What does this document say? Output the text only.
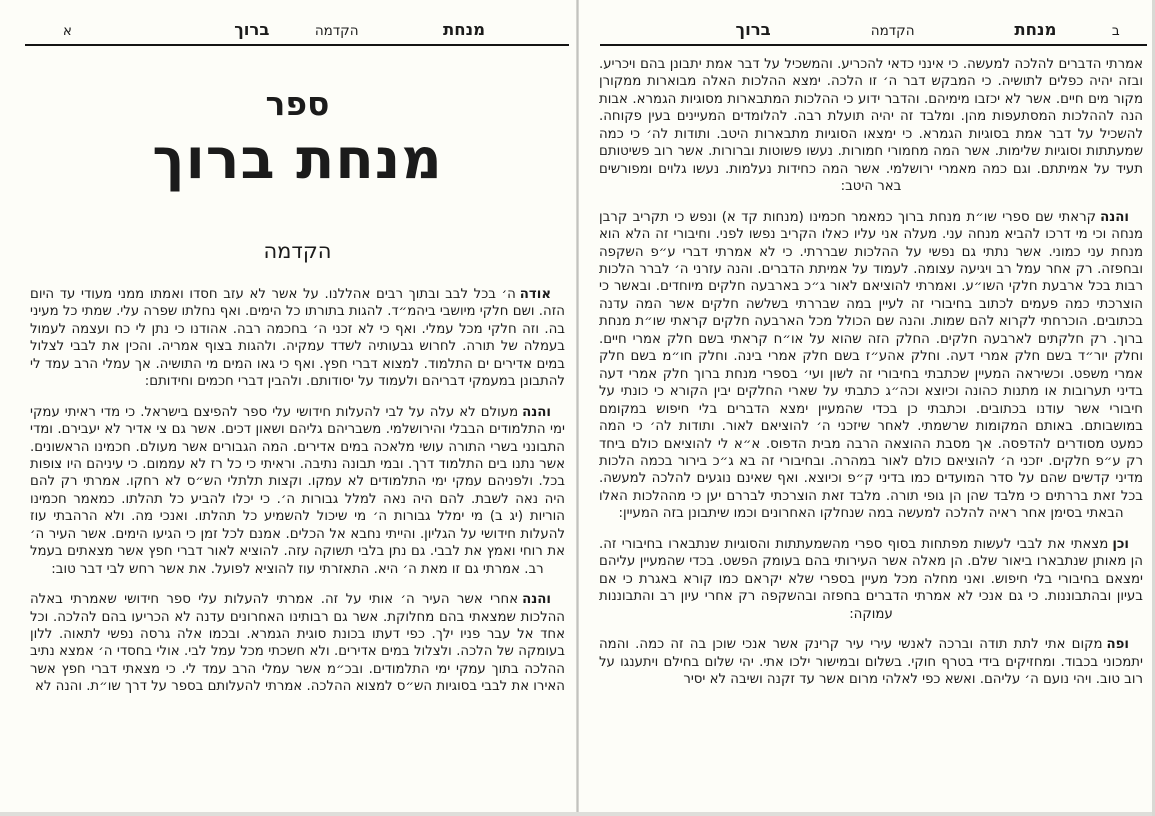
א	ברוך	הקדמה	מנחת
ספר
מנחת ברוך
הקדמה

אודהה׳ בכל לבב ובתוך רבים אהללנו. על אשר לא עזב חסדו ואמתו ממני מעודי עד היום הזה. ושם חלקי מיושבי ביהמ״ד. להגות בתורתו כל הימים. ואף נחלתו שפרה עלי. שמתי כל מעיני בה. וזה חלקי מכל עמלי. ואף כי לא זכני ה׳ בחכמה רבה. אהודנו כי נתן לי כח ועצמה לעמול בעמלה של תורה. לחרוש גבעותיה לשדד עמקיה. ולהגות בצוף אמריה. והכין את לבבי לצלול במים אדירים ים התלמוד. למצוא דברי חפץ. ואף כי גאו המים מי התושיה. אך עמלי הרב עמד לי להתבונן במעמקי דבריהם ולעמוד על יסודותם. ולהבין דברי חכמים וחידותם:

והנהמעולם לא עלה על לבי להעלות חידושי עלי ספר להפיצם בישראל. כי מדי ראיתי עמקי ימי התלמודים הבבלי והירושלמי. משבריהם גליהם ושאון דכים. אשר גם צי אדיר לא יעבירם. ומדי התבונני בשרי התורה עושי מלאכה במים אדירים. המה הגבורים אשר מעולם. חכמינו הראשונים. אשר נתנו בים התלמוד דרך. ובמי תבונה נתיבה. וראיתי כי כל רז לא עממום. כי עיניהם היו צופות בכל. ולפניהם עמקי ימי התלמודים לא עמקו. וקצות תלתלי הש״ס לא רחקו. אמרתי רק להם היה נאה לשבת. להם היה נאה למלל גבורות ה׳. כי יכלו להביע כל תהלתו. כמאמר חכמינו הוריות (יג ב) מי ימלל גבורות ה׳ מי שיכול להשמיע כל תהלתו. ואנכי מה. ולא הרהבתי עוז להעלות חידושי על הגליון. והייתי נחבא אל הכלים. אמנם לכל זמן כי הגיעו הימים. אשר העיר ה׳ את רוחי ואמץ את לבבי. גם נתן בלבי תשוקה עזה. להוציא לאור דברי חפץ אשר מצאתים בעמל רב. אמרתי גם זו מאת ה׳ היא. התאזרתי עוז להוציא לפועל. את אשר רחש לבי דבר טוב:

והנהאחרי אשר העיר ה׳ אותי על זה. אמרתי להעלות עלי ספר חידושי שאמרתי באלה ההלכות שמצאתי בהם מחלוקת. אשר גם רבותינו האחרונים עדנה לא הכריעו בהם להלכה. וכל אחד אל עבר פניו ילך. כפי דעתו בכונת סוגית הגמרא. ובכמו אלה גרסה נפשי לתאוה. ללון בעומקה של הלכה. ולצלול במים אדירים. ולא חשכתי מכל עמל לבי. אולי בחסדי ה׳ אמצא נתיב ההלכה בתוך עמקי ימי התלמודים. ובכ״מ אשר עמלי הרב עמד לי. כי מצאתי דברי חפץ אשר האירו את לבבי בסוגיות הש״ס למצוא ההלכה. אמרתי להעלותם בספר על דרך שו״ת. והנה לא

ברוך	הקדמה	מנחת	ב

אמרתי הדברים להלכה למעשה. כי אינני כדאי להכריע. והמשכיל על דבר אמת יתבונן בהם ויכריע. ובזה יהיה כפלים לתושיה. כי המבקש דבר ה׳ זו הלכה. ימצא ההלכות האלה מבוארות ממקורן מקור מים חיים. אשר לא יכזבו מימיהם. והדבר ידוע כי ההלכות המתבארות מסוגיות הגמרא. אבות הנה לההלכות המסתעפות מהן. ומלבד זה יהיה תועלת רבה. להלומדים המעיינים בעין פקוחה. להשכיל על דבר אמת בסוגיות הגמרא. כי ימצאו הסוגיות מתבארות היטב. ותודות לה׳ כי כמה שמעתתות וסוגיות שלימות. אשר המה מחמורי חמורות. נעשו פשוטות וברורות. אשר רוב פשיטותם תעיד על אמיתתם. וגם כמה מאמרי ירושלמי. אשר המה כחידות נעלמות. נעשו גלוים ומפורשים באר היטב:

והנהקראתי שם ספרי שו״ת מנחת ברוך כמאמר חכמינו (מנחות קד א) ונפש כי תקריב קרבן מנחה וכי מי דרכו להביא מנחה עני. מעלה אני עליו כאלו הקריב נפשו לפני. וחיבורי זה הלא הוא מנחת עני כמוני. אשר נתתי גם נפשי על ההלכות שבררתי. כי לא אמרתי דברי ע״פ השקפה ובחפזה. רק אחר עמל רב ויגיעה עצומה. לעמוד על אמיתת הדברים. והנה עזרני ה׳ לברר הלכות רבות בכל ארבעת חלקי השו״ע. ואמרתי להוציאם לאור ג״כ בארבעה חלקים מיוחדים. ובאשר כי הוצרכתי כמה פעמים לכתוב בחיבורי זה לעיין במה שבררתי בשלשה חלקים אשר המה עדנה בכתובים. הוכרחתי לקרוא להם שמות. והנה שם הכולל מכל הארבעה חלקים קראתי שו״ת מנחת ברוך. רק חלקתים לארבעה חלקים. החלק הזה שהוא על או״ח קראתי בשם חלק אמרי חיים. וחלק יור״ד בשם חלק אמרי דעה. וחלק אהע״ז בשם חלק אמרי בינה. וחלק חו״מ בשם חלק אמרי משפט. וכשיראה המעיין שכתבתי בחיבורי זה לשון ועי׳ בספרי מנחת ברוך חלק אמרי דעה בדיני תערובות או מתנות כהונה וכיוצא וכה״ג כתבתי על שארי החלקים יבין הקורא כי כונתי על חיבורי אשר עודנו בכתובים. וכתבתי כן בכדי שהמעיין ימצא הדברים בלי חיפוש במקומם במושבותם. באותם המקומות שרשמתי. לאחר שיזכני ה׳ להוציאם לאור. ותודות לה׳ כי המה כמעט מסודרים להדפסה. אך מסבת ההוצאה הרבה מבית הדפוס. א״א לי להוציאם כולם ביחד רק ע״פ חלקים. יזכני ה׳ להוציאם כולם לאור במהרה. ובחיבורי זה בא ג״כ בירור בכמה הלכות מדיני קדשים שהם על סדר המועדים כמו בדיני ק״פ וכיוצא. ואף שאינם נוגעים להלכה למעשה. בכל זאת בררתים כי מלבד שהן הן גופי תורה. מלבד זאת הוצרכתי לבררם יען כי מההלכות האלו הבאתי בסימן אחר ראיה להלכה למעשה במה שנחלקו האחרונים וכמו שיתבונן בזה המעיין:

וכןמצאתי את לבבי לעשות מפתחות בסוף ספרי מהשמעתתות והסוגיות שנתבארו בחיבורי זה. הן מאותן שנתבארו ביאור שלם. הן מאלה אשר העירותי בהם בעומק הפשט. בכדי שהמעיין עליהם ימצאם בחיבורי בלי חיפוש. ואני מחלה מכל מעיין בספרי שלא יקראם כמו קורא באגרת כי אם בעיון ובהתבוננות. כי גם אנכי לא אמרתי הדברים בחפזה ובהשקפה רק אחרי עיון רב והתבוננות עמוקה:

ופהמקום אתי לתת תודה וברכה לאנשי עירי עיר קרינק אשר אנכי שוכן בה זה כמה. והמה יתמכוני בכבוד. ומחזיקים בידי בטרף חוקי. בשלום ובמישור ילכו אתי. יהי שלום בחילם ויתענגו על רוב טוב. ויהי נועם ה׳ עליהם. ואשא כפי לאלהי מרום אשר עד זקנה ושיבה לא יסיר
